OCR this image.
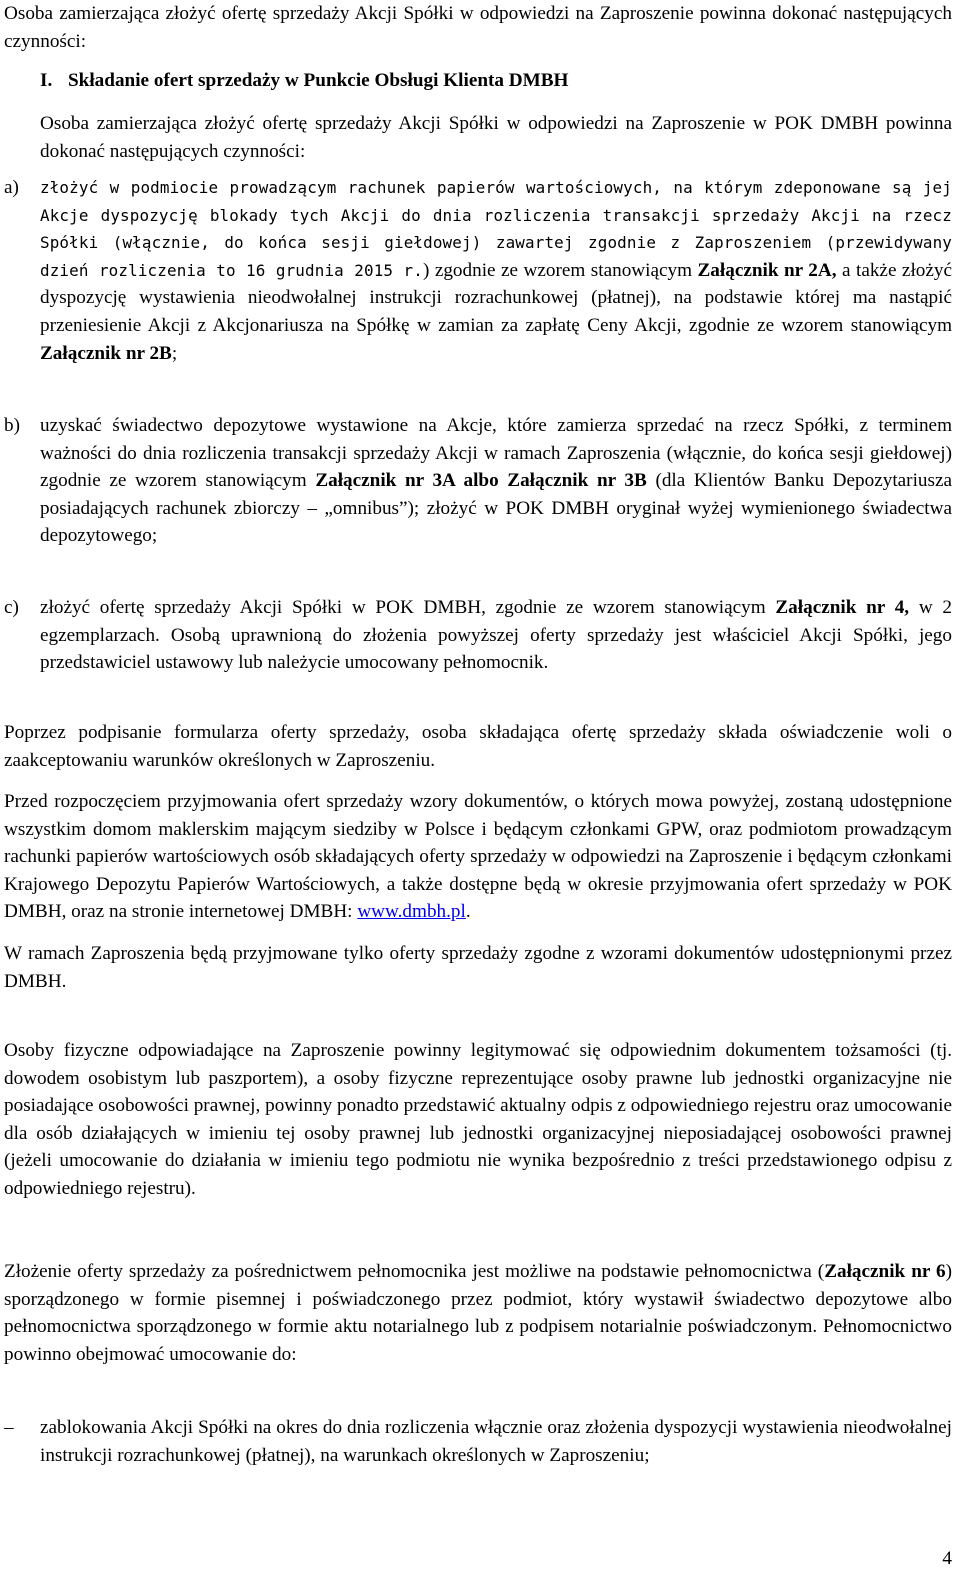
Osoba zamierzająca złożyć ofertę sprzedaży Akcji Spółki w odpowiedzi na Zaproszenie powinna dokonać następujących czynności:

I. Składanie ofert sprzedaży w Punkcie Obsługi Klienta DMBH

Osoba zamierzająca złożyć ofertę sprzedaży Akcji Spółki w odpowiedzi na Zaproszenie w POK DMBH powinna dokonać następujących czynności:

a)	złożyć w podmiocie prowadzącym rachunek papierów wartościowych, na którym zdeponowane są jej Akcje dyspozycję blokady tych Akcji do dnia rozliczenia transakcji sprzedaży Akcji na rzecz Spółki (włącznie, do końca sesji giełdowej) zawartej zgodnie z Zaproszeniem (przewidywany dzień rozliczenia to 16 grudnia 2015 r.) zgodnie ze wzorem stanowiącym Załącznik nr 2A, a także złożyć dyspozycję wystawienia nieodwołalnej instrukcji rozrachunkowej (płatnej), na podstawie której ma nastąpić przeniesienie Akcji z Akcjonariusza na Spółkę w zamian za zapłatę Ceny Akcji, zgodnie ze wzorem stanowiącym Załącznik nr 2B;
b)	uzyskać świadectwo depozytowe wystawione na Akcje, które zamierza sprzedać na rzecz Spółki, z terminem ważności do dnia rozliczenia transakcji sprzedaży Akcji w ramach Zaproszenia (włącznie, do końca sesji giełdowej) zgodnie ze wzorem stanowiącym Załącznik nr 3A albo Załącznik nr 3B (dla Klientów Banku Depozytariusza posiadających rachunek zbiorczy – „omnibus”); złożyć w POK DMBH oryginał wyżej wymienionego świadectwa depozytowego;
c)	złożyć ofertę sprzedaży Akcji Spółki w POK DMBH, zgodnie ze wzorem stanowiącym Załącznik nr 4, w 2 egzemplarzach. Osobą uprawnioną do złożenia powyższej oferty sprzedaży jest właściciel Akcji Spółki, jego przedstawiciel ustawowy lub należycie umocowany pełnomocnik.

Poprzez podpisanie formularza oferty sprzedaży, osoba składająca ofertę sprzedaży składa oświadczenie woli o zaakceptowaniu warunków określonych w Zaproszeniu.

Przed rozpoczęciem przyjmowania ofert sprzedaży wzory dokumentów, o których mowa powyżej, zostaną udostępnione wszystkim domom maklerskim mającym siedziby w Polsce i będącym członkami GPW, oraz podmiotom prowadzącym rachunki papierów wartościowych osób składających oferty sprzedaży w odpowiedzi na Zaproszenie i będącym członkami Krajowego Depozytu Papierów Wartościowych, a także dostępne będą w okresie przyjmowania ofert sprzedaży w POK DMBH, oraz na stronie internetowej DMBH: www.dmbh.pl.

W ramach Zaproszenia będą przyjmowane tylko oferty sprzedaży zgodne z wzorami dokumentów udostępnionymi przez DMBH.

Osoby fizyczne odpowiadające na Zaproszenie powinny legitymować się odpowiednim dokumentem tożsamości (tj. dowodem osobistym lub paszportem), a osoby fizyczne reprezentujące osoby prawne lub jednostki organizacyjne nie posiadające osobowości prawnej, powinny ponadto przedstawić aktualny odpis z odpowiedniego rejestru oraz umocowanie dla osób działających w imieniu tej osoby prawnej lub jednostki organizacyjnej nieposiadającej osobowości prawnej (jeżeli umocowanie do działania w imieniu tego podmiotu nie wynika bezpośrednio z treści przedstawionego odpisu z odpowiedniego rejestru).

Złożenie oferty sprzedaży za pośrednictwem pełnomocnika jest możliwe na podstawie pełnomocnictwa (Załącznik nr 6) sporządzonego w formie pisemnej i poświadczonego przez podmiot, który wystawił świadectwo depozytowe albo pełnomocnictwa sporządzonego w formie aktu notarialnego lub z podpisem notarialnie poświadczonym. Pełnomocnictwo powinno obejmować umocowanie do:

–	zablokowania Akcji Spółki na okres do dnia rozliczenia włącznie oraz złożenia dyspozycji wystawienia nieodwołalnej instrukcji rozrachunkowej (płatnej), na warunkach określonych w Zaproszeniu;
4
